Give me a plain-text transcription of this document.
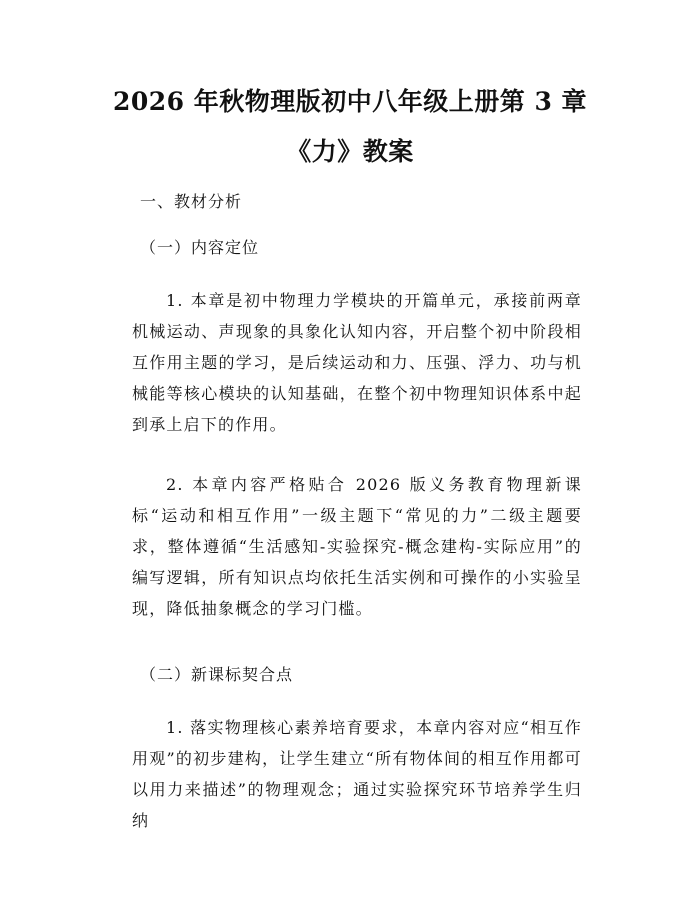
2026 年秋物理版初中八年级上册第 3 章
《力》教案
一、教材分析
（一）内容定位
1. 本章是初中物理力学模块的开篇单元，承接前两章机械运动、声现象的具象化认知内容，开启整个初中阶段相互作用主题的学习，是后续运动和力、压强、浮力、功与机械能等核心模块的认知基础，在整个初中物理知识体系中起到承上启下的作用。
2. 本章内容严格贴合 2026 版义务教育物理新课标“运动和相互作用”一级主题下“常见的力”二级主题要求，整体遵循“生活感知-实验探究-概念建构-实际应用”的编写逻辑，所有知识点均依托生活实例和可操作的小实验呈现，降低抽象概念的学习门槛。
（二）新课标契合点
1. 落实物理核心素养培育要求，本章内容对应“相互作用观”的初步建构，让学生建立“所有物体间的相互作用都可以用力来描述”的物理观念；通过实验探究环节培养学生归纳
